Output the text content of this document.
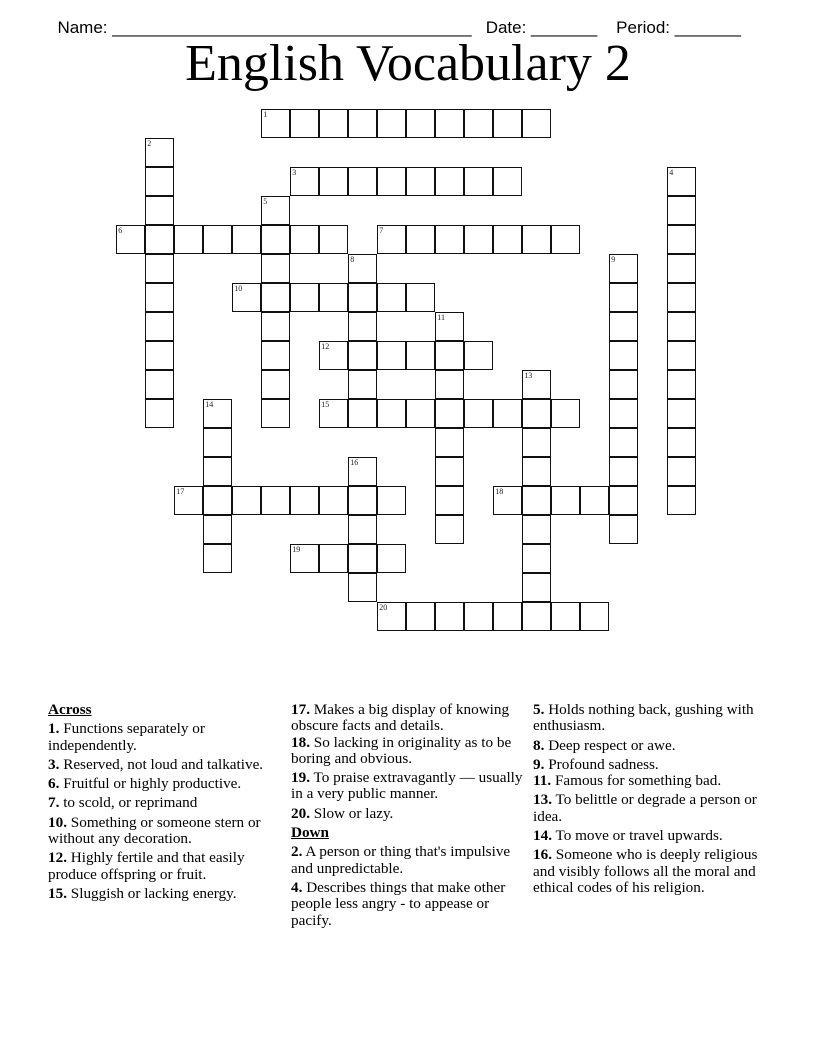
Name: ______________________________________ Date: _______ Period: _______

English Vocabulary 2
1
2
3	4
5
6	7
8	9
10
11
12
13
14	15
16
17	18
19
20
Across
1. Functions separately or independently.
3. Reserved, not loud and talkative.
6. Fruitful or highly productive.
7. to scold, or reprimand
10. Something or someone stern or without any decoration.
12. Highly fertile and that easily produce offspring or fruit.
15. Sluggish or lacking energy.
17. Makes a big display of knowing obscure facts and details.
18. So lacking in originality as to be boring and obvious.
19. To praise extravagantly — usually in a very public manner.
20. Slow or lazy.
Down
2. A person or thing that's impulsive and unpredictable.
4. Describes things that make other people less angry - to appease or pacify.
5. Holds nothing back, gushing with enthusiasm.
8. Deep respect or awe.
9. Profound sadness.
11. Famous for something bad.
13. To belittle or degrade a person or idea.
14. To move or travel upwards.
16. Someone who is deeply religious and visibly follows all the moral and ethical codes of his religion.
